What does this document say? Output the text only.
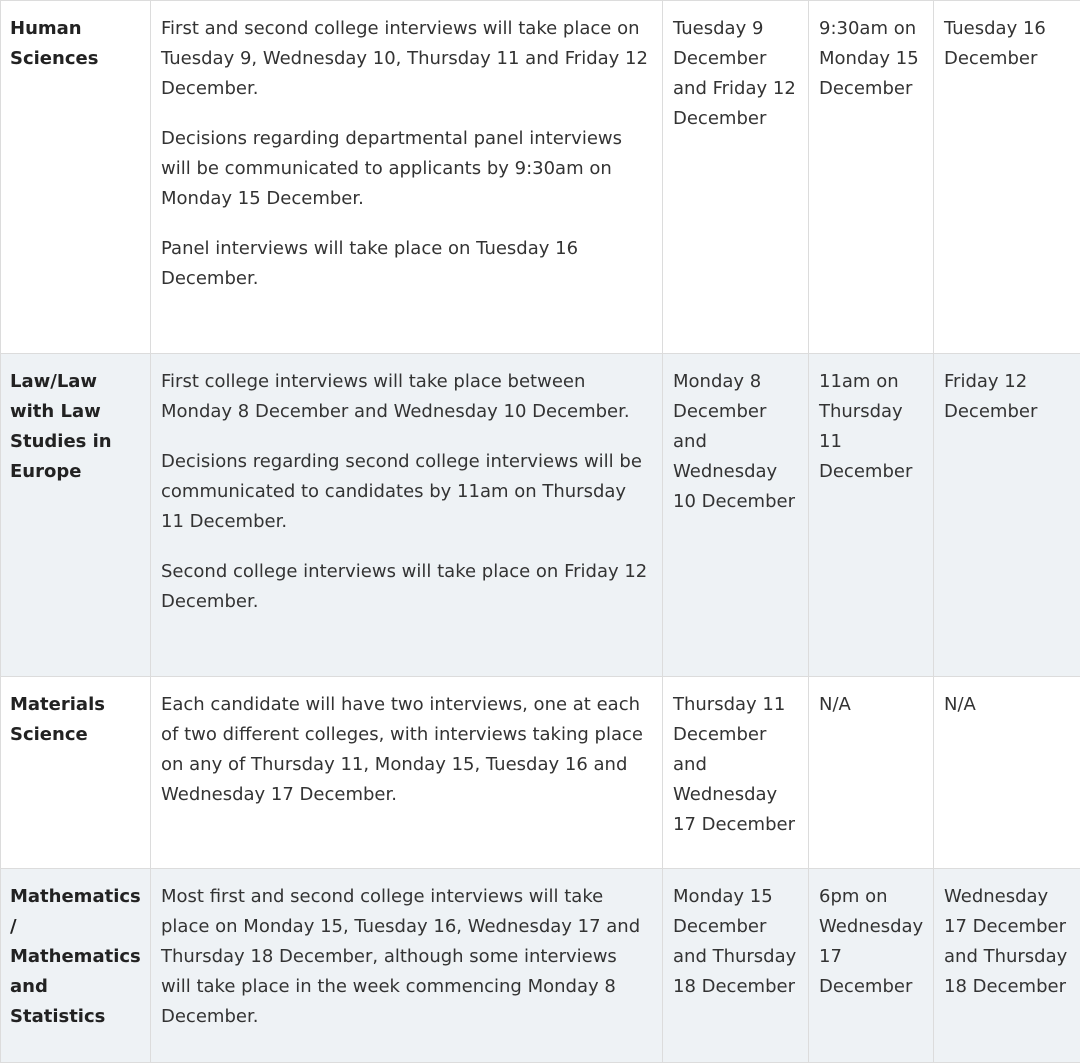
Human Sciences	First and second college interviews will take place on Tuesday 9, Wednesday 10, Thursday 11 and Friday 12 December.

Decisions regarding departmental panel interviews will be communicated to applicants by 9:30am on Monday 15 December.

Panel interviews will take place on Tuesday 16 December.	Tuesday 9 December and Friday 12 December	9:30am on Monday 15 December	Tuesday 16 December
Law/Law with Law Studies in Europe	First college interviews will take place between Monday 8 December and Wednesday 10 December.

Decisions regarding second college interviews will be communicated to candidates by 11am on Thursday 11 December.

Second college interviews will take place on Friday 12 December.	Monday 8 December and Wednesday 10 December	11am on Thursday 11 December	Friday 12 December
Materials Science	Each candidate will have two interviews, one at each of two different colleges, with interviews taking place on any of Thursday 11, Monday 15, Tuesday 16 and Wednesday 17 December.	Thursday 11 December and Wednesday 17 December	N/A	N/A
Mathematics / Mathematics and Statistics	Most first and second college interviews will take place on Monday 15, Tuesday 16, Wednesday 17 and Thursday 18 December, although some interviews will take place in the week commencing Monday 8 December.	Monday 15 December and Thursday 18 December	6pm on Wednesday 17 December	Wednesday 17 December and Thursday 18 December
